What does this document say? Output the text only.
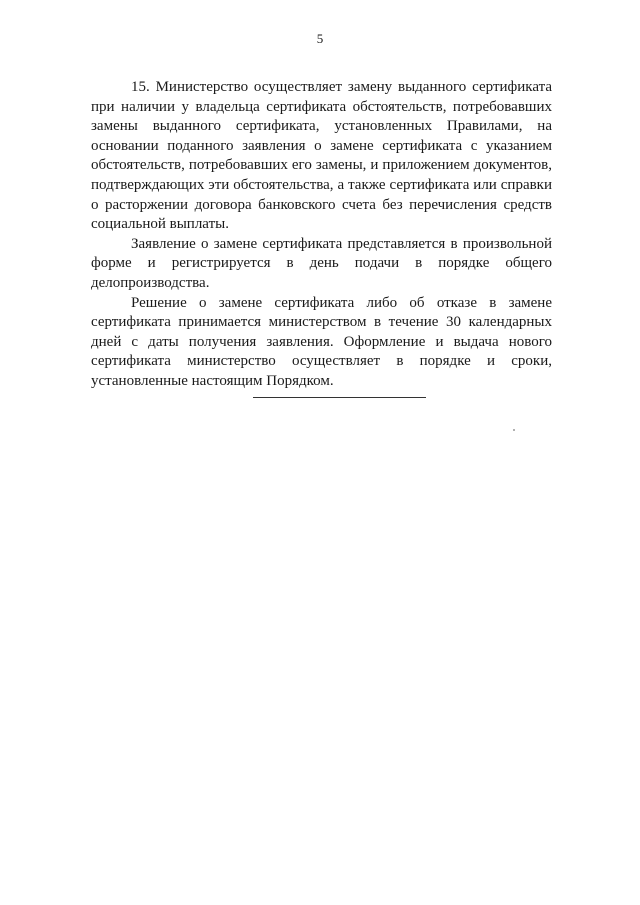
5

15. Министерство осуществляет замену выданного сертификата при наличии у владельца сертификата обстоятельств, потребовавших замены выданного сертификата, установленных Правилами, на основании поданного заявления о замене сертификата с указанием обстоятельств, потребовавших его замены, и приложением документов, подтверждающих эти обстоятельства, а также сертификата или справки о расторжении договора банковского счета без перечисления средств социальной выплаты.

Заявление о замене сертификата представляется в произвольной форме и регистрируется в день подачи в порядке общего делопроизводства.

Решение о замене сертификата либо об отказе в замене сертификата принимается министерством в течение 30 календарных дней с даты получения заявления. Оформление и выдача нового сертификата министерство осуществляет в порядке и сроки, установленные настоящим Порядком.
